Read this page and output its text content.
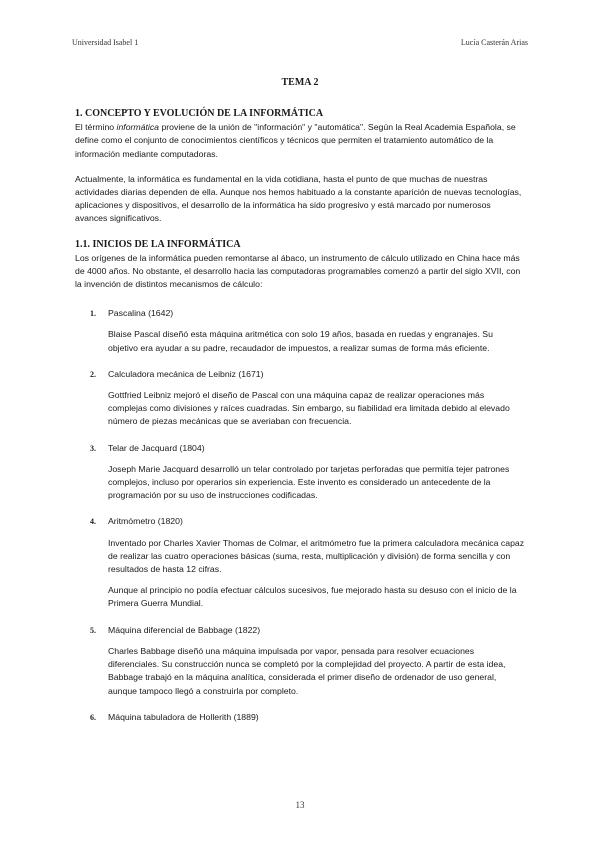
Universidad Isabel 1	Lucía Casterán Arias
TEMA 2
1. CONCEPTO Y EVOLUCIÓN DE LA INFORMÁTICA

El término informática proviene de la unión de "información" y "automática". Según la Real Academia Española, se define como el conjunto de conocimientos científicos y técnicos que permiten el tratamiento automático de la información mediante computadoras.

Actualmente, la informática es fundamental en la vida cotidiana, hasta el punto de que muchas de nuestras actividades diarias dependen de ella. Aunque nos hemos habituado a la constante aparición de nuevas tecnologías, aplicaciones y dispositivos, el desarrollo de la informática ha sido progresivo y está marcado por numerosos avances significativos.

1.1. INICIOS DE LA INFORMÁTICA

Los orígenes de la informática pueden remontarse al ábaco, un instrumento de cálculo utilizado en China hace más de 4000 años. No obstante, el desarrollo hacia las computadoras programables comenzó a partir del siglo XVII, con la invención de distintos mecanismos de cálculo:

1.	Pascalina (1642)

Blaise Pascal diseñó esta máquina aritmética con solo 19 años, basada en ruedas y engranajes. Su objetivo era ayudar a su padre, recaudador de impuestos, a realizar sumas de forma más eficiente.

2.	Calculadora mecánica de Leibniz (1671)

Gottfried Leibniz mejoró el diseño de Pascal con una máquina capaz de realizar operaciones más complejas como divisiones y raíces cuadradas. Sin embargo, su fiabilidad era limitada debido al elevado número de piezas mecánicas que se averiaban con frecuencia.

3.	Telar de Jacquard (1804)

Joseph Marie Jacquard desarrolló un telar controlado por tarjetas perforadas que permitía tejer patrones complejos, incluso por operarios sin experiencia. Este invento es considerado un antecedente de la programación por su uso de instrucciones codificadas.

4.	Aritmómetro (1820)

Inventado por Charles Xavier Thomas de Colmar, el aritmómetro fue la primera calculadora mecánica capaz de realizar las cuatro operaciones básicas (suma, resta, multiplicación y división) de forma sencilla y con resultados de hasta 12 cifras.

Aunque al principio no podía efectuar cálculos sucesivos, fue mejorado hasta su desuso con el inicio de la Primera Guerra Mundial.

5.	Máquina diferencial de Babbage (1822)

Charles Babbage diseñó una máquina impulsada por vapor, pensada para resolver ecuaciones diferenciales. Su construcción nunca se completó por la complejidad del proyecto. A partir de esta idea, Babbage trabajó en la máquina analítica, considerada el primer diseño de ordenador de uso general, aunque tampoco llegó a construirla por completo.

6.	Máquina tabuladora de Hollerith (1889)
13
